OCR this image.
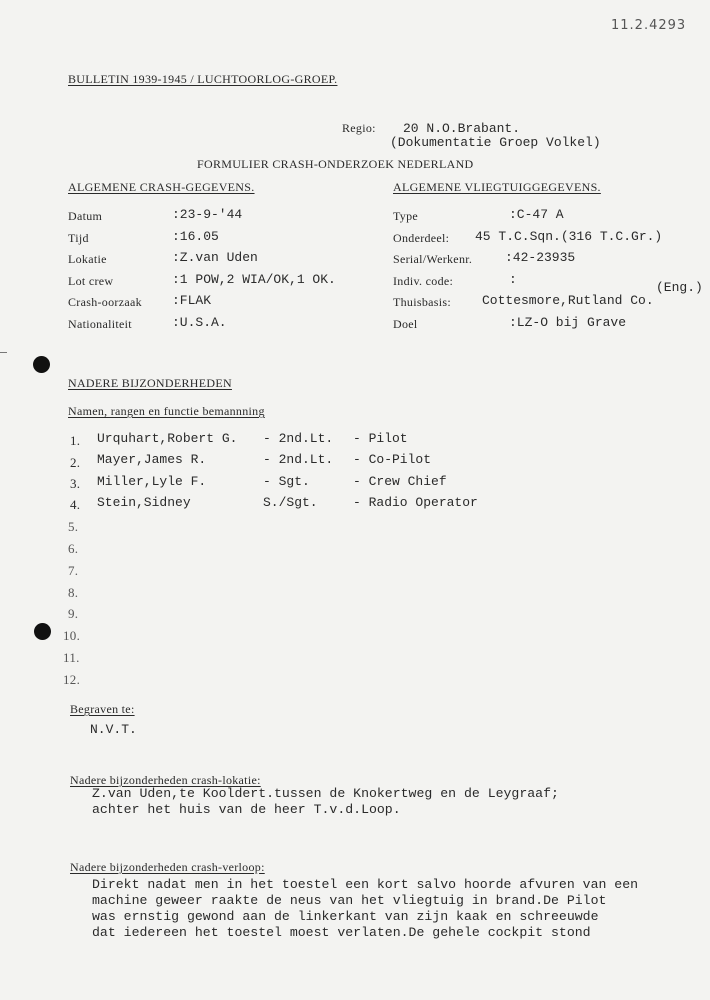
11.2.4293
BULLETIN 1939-1945 / LUCHTOORLOG-GROEP.
Regio: 20 N.O.Brabant.
(Dokumentatie Groep Volkel)
FORMULIER CRASH-ONDERZOEK NEDERLAND
ALGEMENE CRASH-GEGEVENS.	ALGEMENE VLIEGTUIGGEGEVENS.
Datum	:23-9-'44
Tijd	:16.05
Lokatie	:Z.van Uden
Lot crew	:1 POW,2 WIA/OK,1 OK.
Crash-oorzaak :FLAK
Nationaliteit	:U.S.A.
Type	:C-47 A
Onderdeel: 45 T.C.Sqn.(316 T.C.Gr.)
Serial/Werkenr.	:42-23935
Indiv. code:	:
(Eng.)
Thuisbasis: Cottesmore,Rutland Co.
Doel	:LZ-O bij Grave
NADERE BIJZONDERHEDEN
Namen, rangen en functie bemannning
1. Urquhart,Robert G. - 2nd.Lt. - Pilot
2. Mayer,James R.	- 2nd.Lt. - Co-Pilot
3. Miller,Lyle F.	- Sgt.	- Crew Chief
4. Stein,Sidney	S./Sgt.	- Radio Operator
5.
6.
7.
8.
9.
10.
11.
12.
Begraven te:
N.V.T.
Nadere bijzonderheden crash-lokatie:
Z.van Uden,te Kooldert.tussen de Knokertweg en de Leygraaf;
achter het huis van de heer T.v.d.Loop.
Nadere bijzonderheden crash-verloop:
Direkt nadat men in het toestel een kort salvo hoorde afvuren van een
machine geweer raakte de neus van het vliegtuig in brand.De Pilot
was ernstig gewond aan de linkerkant van zijn kaak en schreeuwde
dat iedereen het toestel moest verlaten.De gehele cockpit stond
